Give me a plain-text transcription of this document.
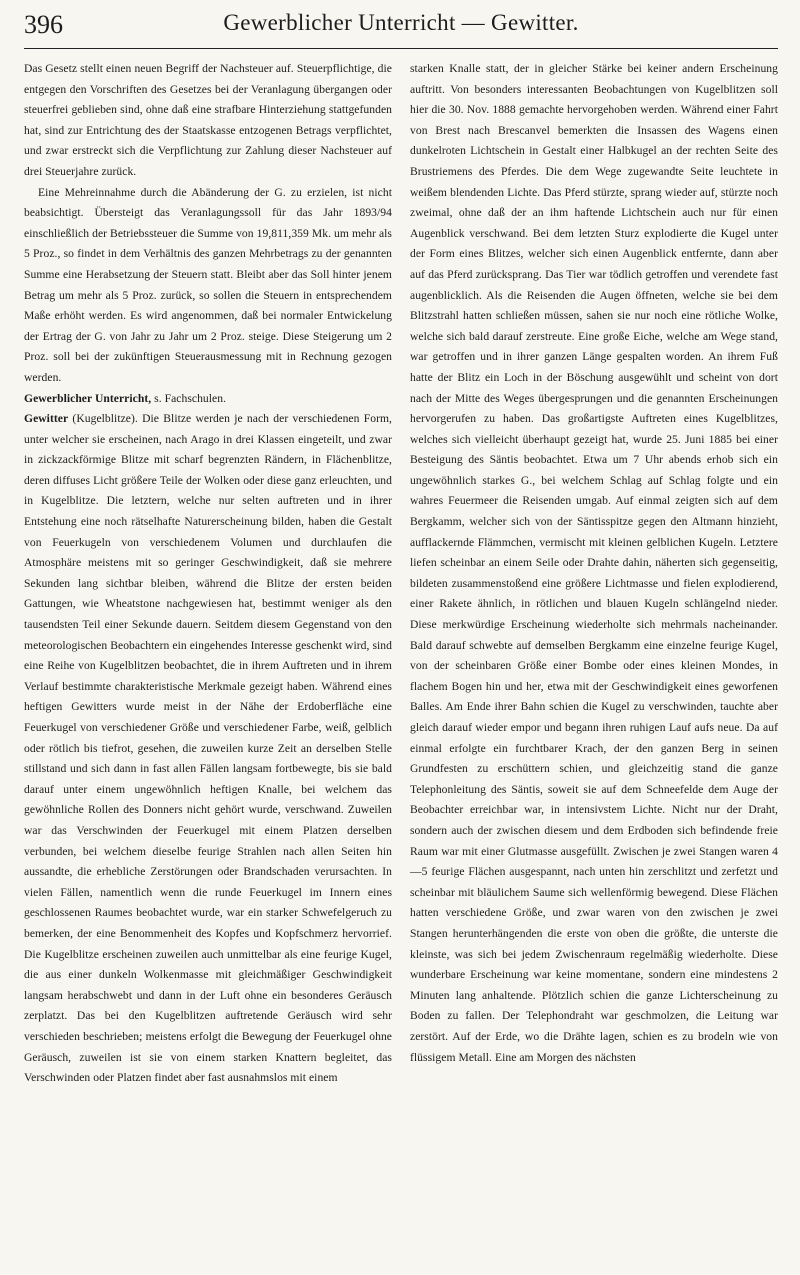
396	Gewerblicher Unterricht — Gewitter.

Das Gesetz stellt einen neuen Begriff der Nachsteuer auf. Steuerpflichtige, die entgegen den Vorschriften des Gesetzes bei der Veranlagung übergangen oder steuerfrei geblieben sind, ohne daß eine strafbare Hinterziehung stattgefunden hat, sind zur Entrichtung des der Staatskasse entzogenen Betrags verpflichtet, und zwar erstreckt sich die Verpflichtung zur Zahlung dieser Nachsteuer auf drei Steuerjahre zurück.

Eine Mehreinnahme durch die Abänderung der G. zu erzielen, ist nicht beabsichtigt. Übersteigt das Veranlagungssoll für das Jahr 1893/94 einschließlich der Betriebssteuer die Summe von 19,811,359 Mk. um mehr als 5 Proz., so findet in dem Verhältnis des ganzen Mehrbetrags zu der genannten Summe eine Herabsetzung der Steuern statt. Bleibt aber das Soll hinter jenem Betrag um mehr als 5 Proz. zurück, so sollen die Steuern in entsprechendem Maße erhöht werden. Es wird angenommen, daß bei normaler Entwickelung der Ertrag der G. von Jahr zu Jahr um 2 Proz. steige. Diese Steigerung um 2 Proz. soll bei der zukünftigen Steuerausmessung mit in Rechnung gezogen werden.

Gewerblicher Unterricht, s. Fachschulen.

Gewitter (Kugelblitze). Die Blitze werden je nach der verschiedenen Form, unter welcher sie erscheinen, nach Arago in drei Klassen eingeteilt, und zwar in zickzackförmige Blitze mit scharf begrenzten Rändern, in Flächenblitze, deren diffuses Licht größere Teile der Wolken oder diese ganz erleuchten, und in Kugelblitze. Die letztern, welche nur selten auftreten und in ihrer Entstehung eine noch rätselhafte Naturerscheinung bilden, haben die Gestalt von Feuerkugeln von verschiedenem Volumen und durchlaufen die Atmosphäre meistens mit so geringer Geschwindigkeit, daß sie mehrere Sekunden lang sichtbar bleiben, während die Blitze der ersten beiden Gattungen, wie Wheatstone nachgewiesen hat, bestimmt weniger als den tausendsten Teil einer Sekunde dauern. Seitdem diesem Gegenstand von den meteorologischen Beobachtern ein eingehendes Interesse geschenkt wird, sind eine Reihe von Kugelblitzen beobachtet, die in ihrem Auftreten und in ihrem Verlauf bestimmte charakteristische Merkmale gezeigt haben. Während eines heftigen Gewitters wurde meist in der Nähe der Erdoberfläche eine Feuerkugel von verschiedener Größe und verschiedener Farbe, weiß, gelblich oder rötlich bis tiefrot, gesehen, die zuweilen kurze Zeit an derselben Stelle stillstand und sich dann in fast allen Fällen langsam fortbewegte, bis sie bald darauf unter einem ungewöhnlich heftigen Knalle, bei welchem das gewöhnliche Rollen des Donners nicht gehört wurde, verschwand. Zuweilen war das Verschwinden der Feuerkugel mit einem Platzen derselben verbunden, bei welchem dieselbe feurige Strahlen nach allen Seiten hin aussandte, die erhebliche Zerstörungen oder Brandschaden verursachten. In vielen Fällen, namentlich wenn die runde Feuerkugel im Innern eines geschlossenen Raumes beobachtet wurde, war ein starker Schwefelgeruch zu bemerken, der eine Benommenheit des Kopfes und Kopfschmerz hervorrief. Die Kugelblitze erscheinen zuweilen auch unmittelbar als eine feurige Kugel, die aus einer dunkeln Wolkenmasse mit gleichmäßiger Geschwindigkeit langsam herabschwebt und dann in der Luft ohne ein besonderes Geräusch zerplatzt. Das bei den Kugelblitzen auftretende Geräusch wird sehr verschieden beschrieben; meistens erfolgt die Bewegung der Feuerkugel ohne Geräusch, zuweilen ist sie von einem starken Knattern begleitet, das Verschwinden oder Platzen findet aber fast ausnahmslos mit einem

starken Knalle statt, der in gleicher Stärke bei keiner andern Erscheinung auftritt. Von besonders interessanten Beobachtungen von Kugelblitzen soll hier die 30. Nov. 1888 gemachte hervorgehoben werden. Während einer Fahrt von Brest nach Brescanvel bemerkten die Insassen des Wagens einen dunkelroten Lichtschein in Gestalt einer Halbkugel an der rechten Seite des Brustriemens des Pferdes. Die dem Wege zugewandte Seite leuchtete in weißem blendenden Lichte. Das Pferd stürzte, sprang wieder auf, stürzte noch zweimal, ohne daß der an ihm haftende Lichtschein auch nur für einen Augenblick verschwand. Bei dem letzten Sturz explodierte die Kugel unter der Form eines Blitzes, welcher sich einen Augenblick entfernte, dann aber auf das Pferd zurücksprang. Das Tier war tödlich getroffen und verendete fast augenblicklich. Als die Reisenden die Augen öffneten, welche sie bei dem Blitzstrahl hatten schließen müssen, sahen sie nur noch eine rötliche Wolke, welche sich bald darauf zerstreute. Eine große Eiche, welche am Wege stand, war getroffen und in ihrer ganzen Länge gespalten worden. An ihrem Fuß hatte der Blitz ein Loch in der Böschung ausgewühlt und scheint von dort nach der Mitte des Weges übergesprungen und die genannten Erscheinungen hervorgerufen zu haben. Das großartigste Auftreten eines Kugelblitzes, welches sich vielleicht überhaupt gezeigt hat, wurde 25. Juni 1885 bei einer Besteigung des Säntis beobachtet. Etwa um 7 Uhr abends erhob sich ein ungewöhnlich starkes G., bei welchem Schlag auf Schlag folgte und ein wahres Feuermeer die Reisenden umgab. Auf einmal zeigten sich auf dem Bergkamm, welcher sich von der Säntisspitze gegen den Altmann hinzieht, aufflackernde Flämmchen, vermischt mit kleinen gelblichen Kugeln. Letztere liefen scheinbar an einem Seile oder Drahte dahin, näherten sich gegenseitig, bildeten zusammenstoßend eine größere Lichtmasse und fielen explodierend, einer Rakete ähnlich, in rötlichen und blauen Kugeln schlängelnd nieder. Diese merkwürdige Erscheinung wiederholte sich mehrmals nacheinander. Bald darauf schwebte auf demselben Bergkamm eine einzelne feurige Kugel, von der scheinbaren Größe einer Bombe oder eines kleinen Mondes, in flachem Bogen hin und her, etwa mit der Geschwindigkeit eines geworfenen Balles. Am Ende ihrer Bahn schien die Kugel zu verschwinden, tauchte aber gleich darauf wieder empor und begann ihren ruhigen Lauf aufs neue. Da auf einmal erfolgte ein furchtbarer Krach, der den ganzen Berg in seinen Grundfesten zu erschüttern schien, und gleichzeitig stand die ganze Telephonleitung des Säntis, soweit sie auf dem Schneefelde dem Auge der Beobachter erreichbar war, in intensivstem Lichte. Nicht nur der Draht, sondern auch der zwischen diesem und dem Erdboden sich befindende freie Raum war mit einer Glutmasse ausgefüllt. Zwischen je zwei Stangen waren 4—5 feurige Flächen ausgespannt, nach unten hin zerschlitzt und zerfetzt und scheinbar mit bläulichem Saume sich wellenförmig bewegend. Diese Flächen hatten verschiedene Größe, und zwar waren von den zwischen je zwei Stangen herunterhängenden die erste von oben die größte, die unterste die kleinste, was sich bei jedem Zwischenraum regelmäßig wiederholte. Diese wunderbare Erscheinung war keine momentane, sondern eine mindestens 2 Minuten lang anhaltende. Plötzlich schien die ganze Lichterscheinung zu Boden zu fallen. Der Telephondraht war geschmolzen, die Leitung war zerstört. Auf der Erde, wo die Drähte lagen, schien es zu brodeln wie von flüssigem Metall. Eine am Morgen des nächsten
